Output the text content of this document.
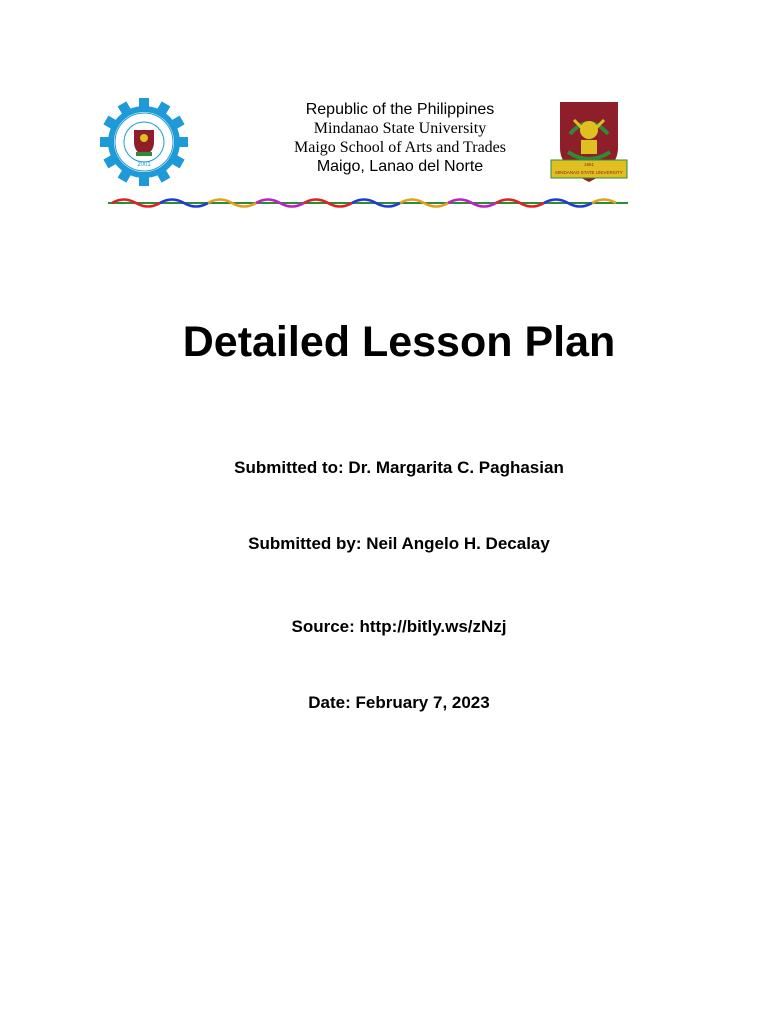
2001
Republic of the Philippines
Mindanao State University
Maigo School of Arts and Trades
Maigo, Lanao del Norte	1961
MINDANAO STATE UNIVERSITY
Detailed Lesson Plan
Submitted to: Dr. Margarita C. Paghasian
Submitted by: Neil Angelo H. Decalay
Source: http://bitly.ws/zNzj
Date: February 7, 2023
